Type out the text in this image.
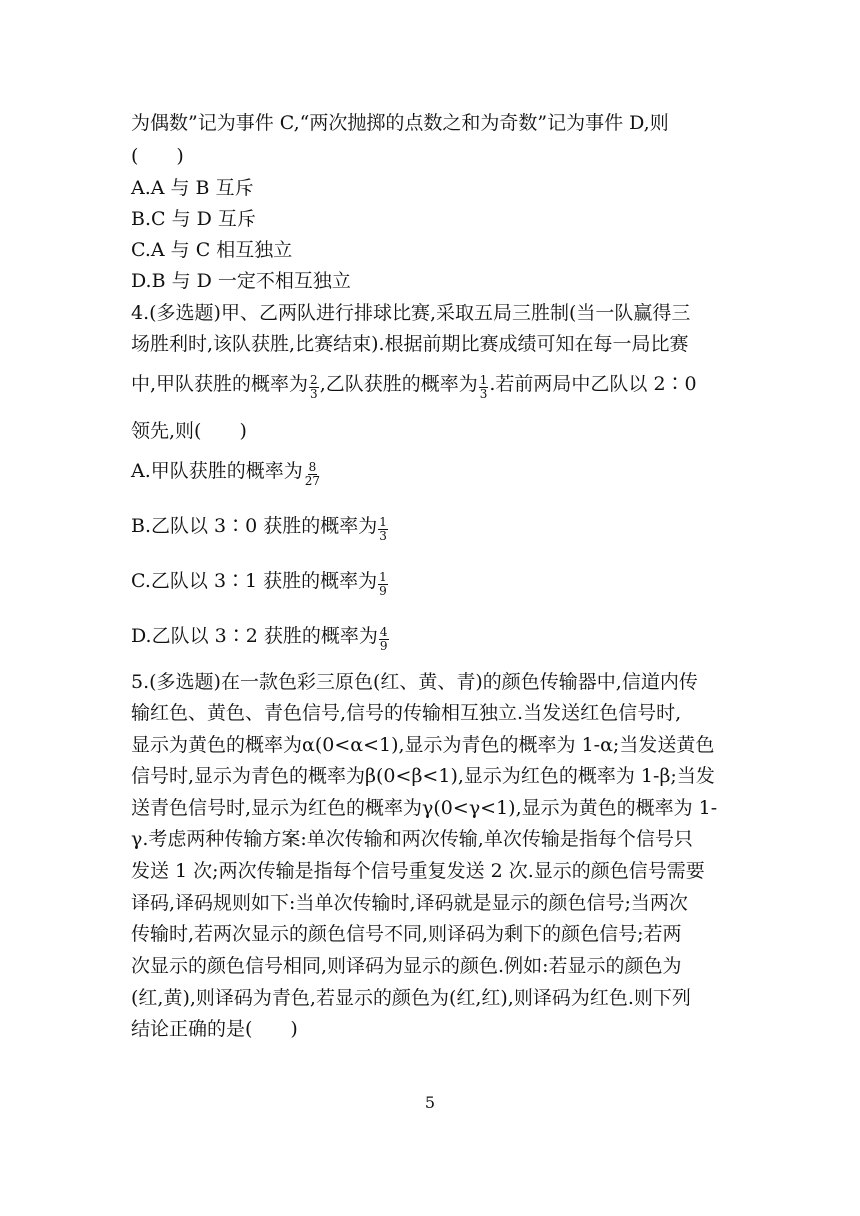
为偶数”记为事件 C,“两次抛掷的点数之和为奇数”记为事件 D,则
(　　)
A.A 与 B 互斥
B.C 与 D 互斥
C.A 与 C 相互独立
D.B 与 D 一定不相互独立
4.(多选题)甲、乙两队进行排球比赛,采取五局三胜制(当一队赢得三
场胜利时,该队获胜,比赛结束).根据前期比赛成绩可知在每一局比赛
中,甲队获胜的概率为 $\frac{2}{3}$ ,乙队获胜的概率为 $\frac{1}{3}$ .若前两局中乙队以 2∶0
领先,则(　　)
A.甲队获胜的概率为 $\frac{8}{27}$
B.乙队以 3∶0 获胜的概率为 $\frac{1}{3}$
C.乙队以 3∶1 获胜的概率为 $\frac{1}{9}$
D.乙队以 3∶2 获胜的概率为 $\frac{4}{9}$
5.(多选题)在一款色彩三原色(红、黄、青)的颜色传输器中,信道内传
输红色、黄色、青色信号,信号的传输相互独立.当发送红色信号时,
显示为黄色的概率为α(0<α<1),显示为青色的概率为 1-α;当发送黄色
信号时,显示为青色的概率为β(0<β<1),显示为红色的概率为 1-β;当发
送青色信号时,显示为红色的概率为γ(0<γ<1),显示为黄色的概率为 1-
γ.考虑两种传输方案:单次传输和两次传输,单次传输是指每个信号只
发送 1 次;两次传输是指每个信号重复发送 2 次.显示的颜色信号需要
译码,译码规则如下:当单次传输时,译码就是显示的颜色信号;当两次
传输时,若两次显示的颜色信号不同,则译码为剩下的颜色信号;若两
次显示的颜色信号相同,则译码为显示的颜色.例如:若显示的颜色为
(红,黄),则译码为青色,若显示的颜色为(红,红),则译码为红色.则下列
结论正确的是(　　)
5
